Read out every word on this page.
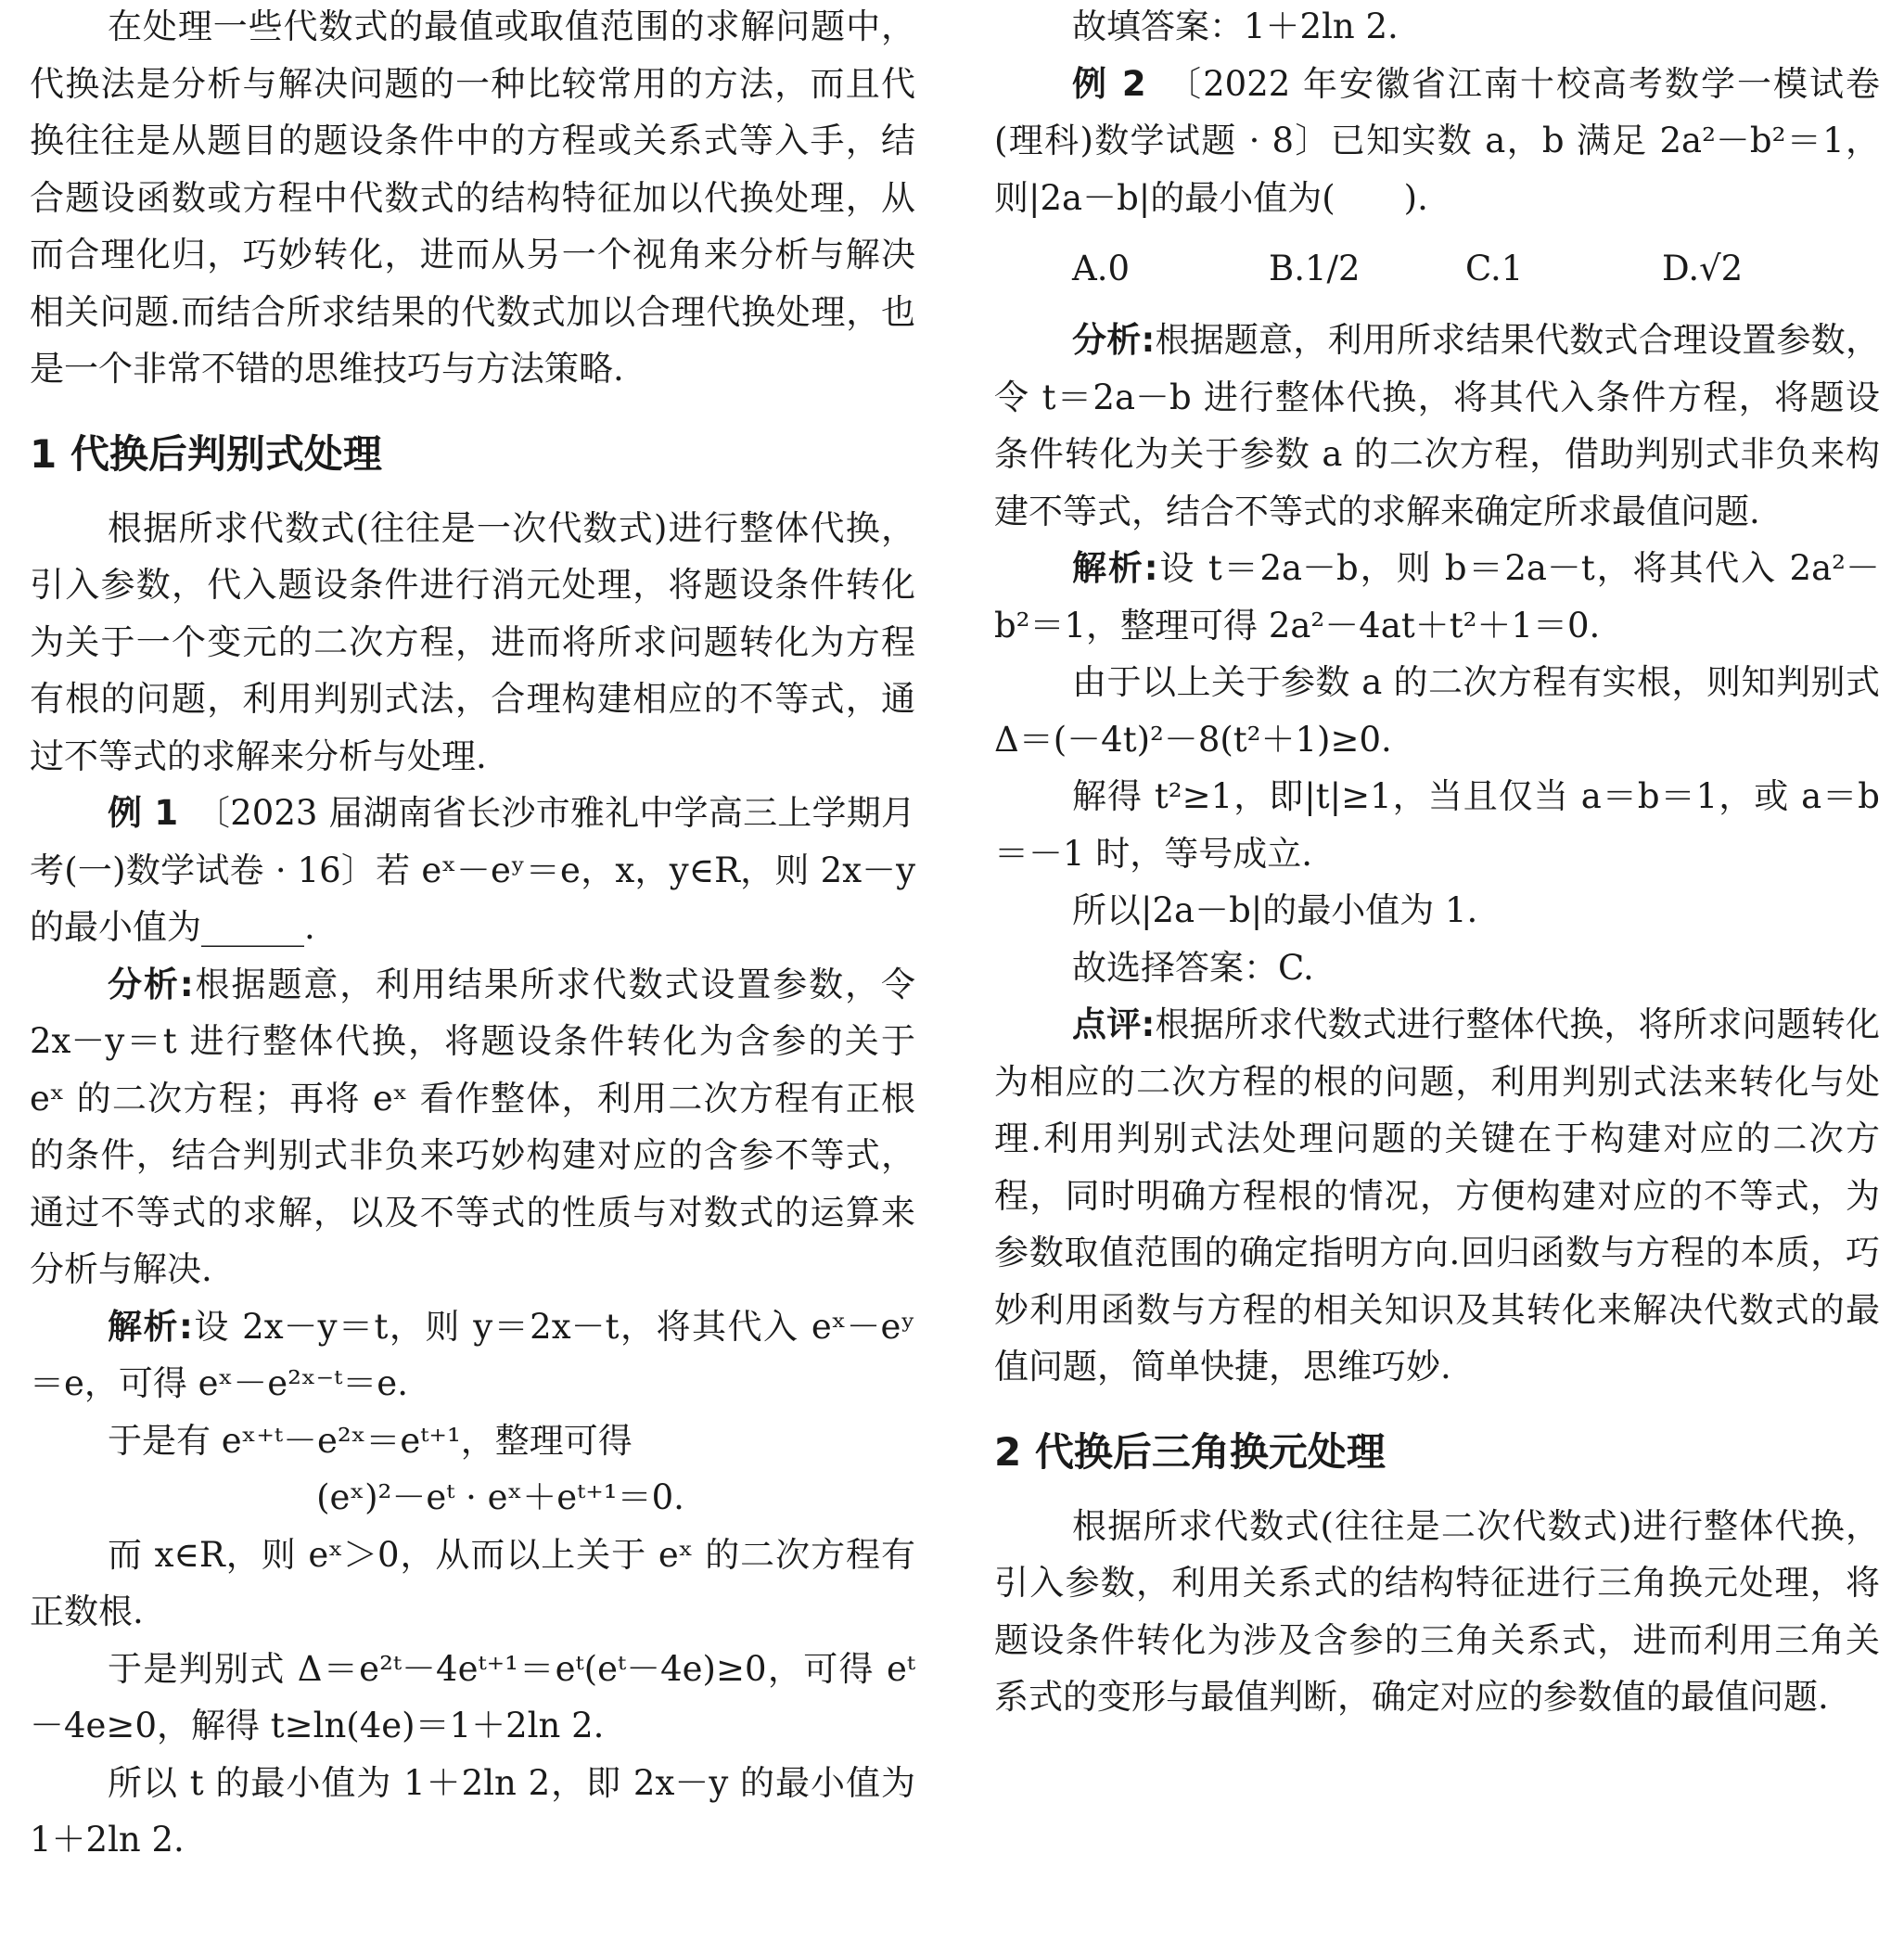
在处理一些代数式的最值或取值范围的求解问题中，代换法是分析与解决问题的一种比较常用的方法，而且代换往往是从题目的题设条件中的方程或关系式等入手，结合题设函数或方程中代数式的结构特征加以代换处理，从而合理化归，巧妙转化，进而从另一个视角来分析与解决相关问题.而结合所求结果的代数式加以合理代换处理，也是一个非常不错的思维技巧与方法策略.

1 代换后判别式处理

根据所求代数式(往往是一次代数式)进行整体代换，引入参数，代入题设条件进行消元处理，将题设条件转化为关于一个变元的二次方程，进而将所求问题转化为方程有根的问题，利用判别式法，合理构建相应的不等式，通过不等式的求解来分析与处理.

例 1　 〔2023 届湖南省长沙市雅礼中学高三上学期月考(一)数学试卷 · 16〕若 eˣ－eʸ＝e，x，y∈R，则 2x－y 的最小值为______.

分析:根据题意，利用结果所求代数式设置参数，令 2x－y＝t 进行整体代换，将题设条件转化为含参的关于 eˣ 的二次方程；再将 eˣ 看作整体，利用二次方程有正根的条件，结合判别式非负来巧妙构建对应的含参不等式，通过不等式的求解，以及不等式的性质与对数式的运算来分析与解决.

解析:设 2x－y＝t，则 y＝2x－t，将其代入 eˣ－eʸ＝e，可得 eˣ－e²ˣ⁻ᵗ＝e.

于是有 eˣ⁺ᵗ－e²ˣ＝eᵗ⁺¹，整理可得

(eˣ)²－eᵗ · eˣ＋eᵗ⁺¹＝0.

而 x∈R，则 eˣ＞0，从而以上关于 eˣ 的二次方程有正数根.

于是判别式 Δ＝e²ᵗ－4eᵗ⁺¹＝eᵗ(eᵗ－4e)≥0，可得 eᵗ－4e≥0，解得 t≥ln(4e)＝1＋2ln 2.

所以 t 的最小值为 1＋2ln 2，即 2x－y 的最小值为 1＋2ln 2.

故填答案：1＋2ln 2.

例 2　 〔2022 年安徽省江南十校高考数学一模试卷(理科)数学试题 · 8〕已知实数 a，b 满足 2a²－b²＝1，则|2a－b|的最小值为(　　).

A.0	B.1/2	C.1	D.√2

分析:根据题意，利用所求结果代数式合理设置参数，令 t＝2a－b 进行整体代换，将其代入条件方程，将题设条件转化为关于参数 a 的二次方程，借助判别式非负来构建不等式，结合不等式的求解来确定所求最值问题.

解析:设 t＝2a－b，则 b＝2a－t，将其代入 2a²－b²＝1，整理可得 2a²－4at＋t²＋1＝0.

由于以上关于参数 a 的二次方程有实根，则知判别式 Δ＝(－4t)²－8(t²＋1)≥0.

解得 t²≥1，即|t|≥1，当且仅当 a＝b＝1，或 a＝b＝－1 时，等号成立.

所以|2a－b|的最小值为 1.

故选择答案：C.

点评:根据所求代数式进行整体代换，将所求问题转化为相应的二次方程的根的问题，利用判别式法来转化与处理.利用判别式法处理问题的关键在于构建对应的二次方程，同时明确方程根的情况，方便构建对应的不等式，为参数取值范围的确定指明方向.回归函数与方程的本质，巧妙利用函数与方程的相关知识及其转化来解决代数式的最值问题，简单快捷，思维巧妙.

2 代换后三角换元处理

根据所求代数式(往往是二次代数式)进行整体代换，引入参数，利用关系式的结构特征进行三角换元处理，将题设条件转化为涉及含参的三角关系式，进而利用三角关系式的变形与最值判断，确定对应的参数值的最值问题.
